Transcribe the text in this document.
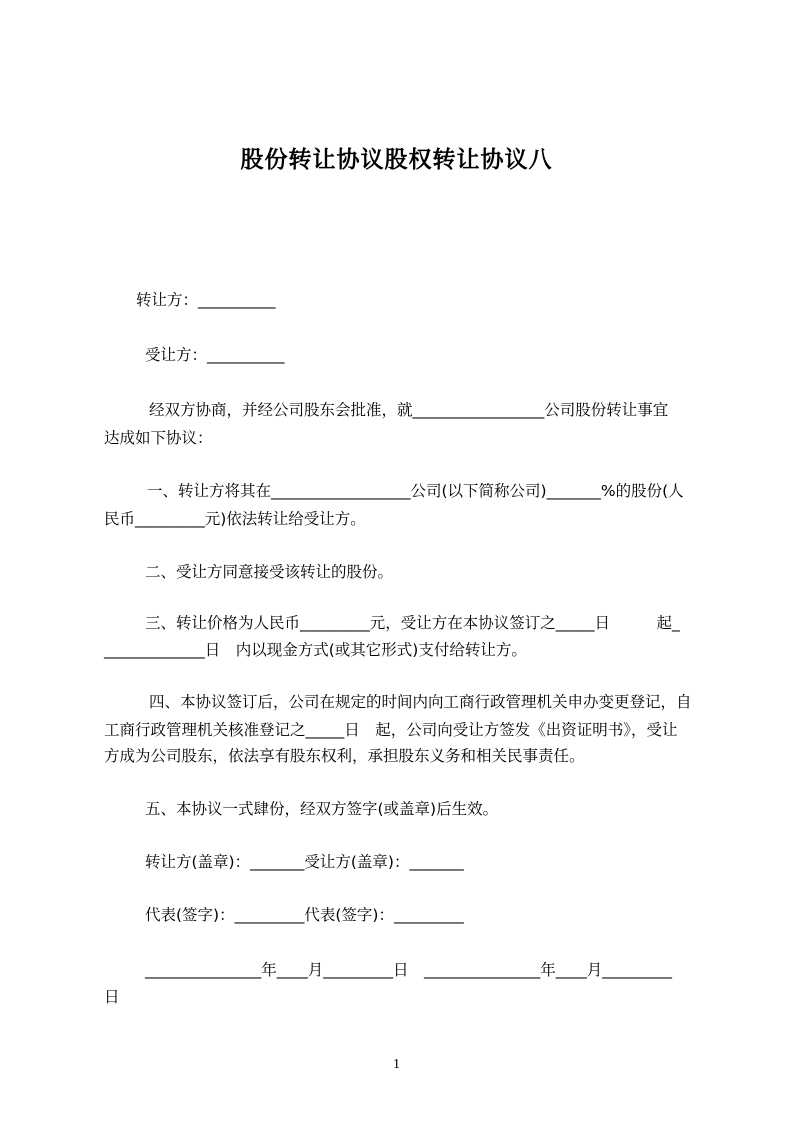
股份转让协议股权转让协议八
转让方：__________
受让方：__________
经双方协商，并经公司股东会批准，就_________________公司股份转让事宜
达成如下协议：
一、转让方将其在__________________公司(以下简称公司)_______%的股份(人
民币_________元)依法转让给受让方。
二、受让方同意接受该转让的股份。
三、转让价格为人民币_________元，受让方在本协议签订之_____日　　　起_
_____________日　内以现金方式(或其它形式)支付给转让方。
四、本协议签订后，公司在规定的时间内向工商行政管理机关申办变更登记，自
工商行政管理机关核准登记之_____日　起，公司向受让方签发《出资证明书》，受让
方成为公司股东，依法享有股东权利，承担股东义务和相关民事责任。
五、本协议一式肆份，经双方签字(或盖章)后生效。
转让方(盖章)：_______受让方(盖章)：_______
代表(签字)：_________代表(签字)：_________
_______________年____月_________日　_______________年____月_________
日
1
